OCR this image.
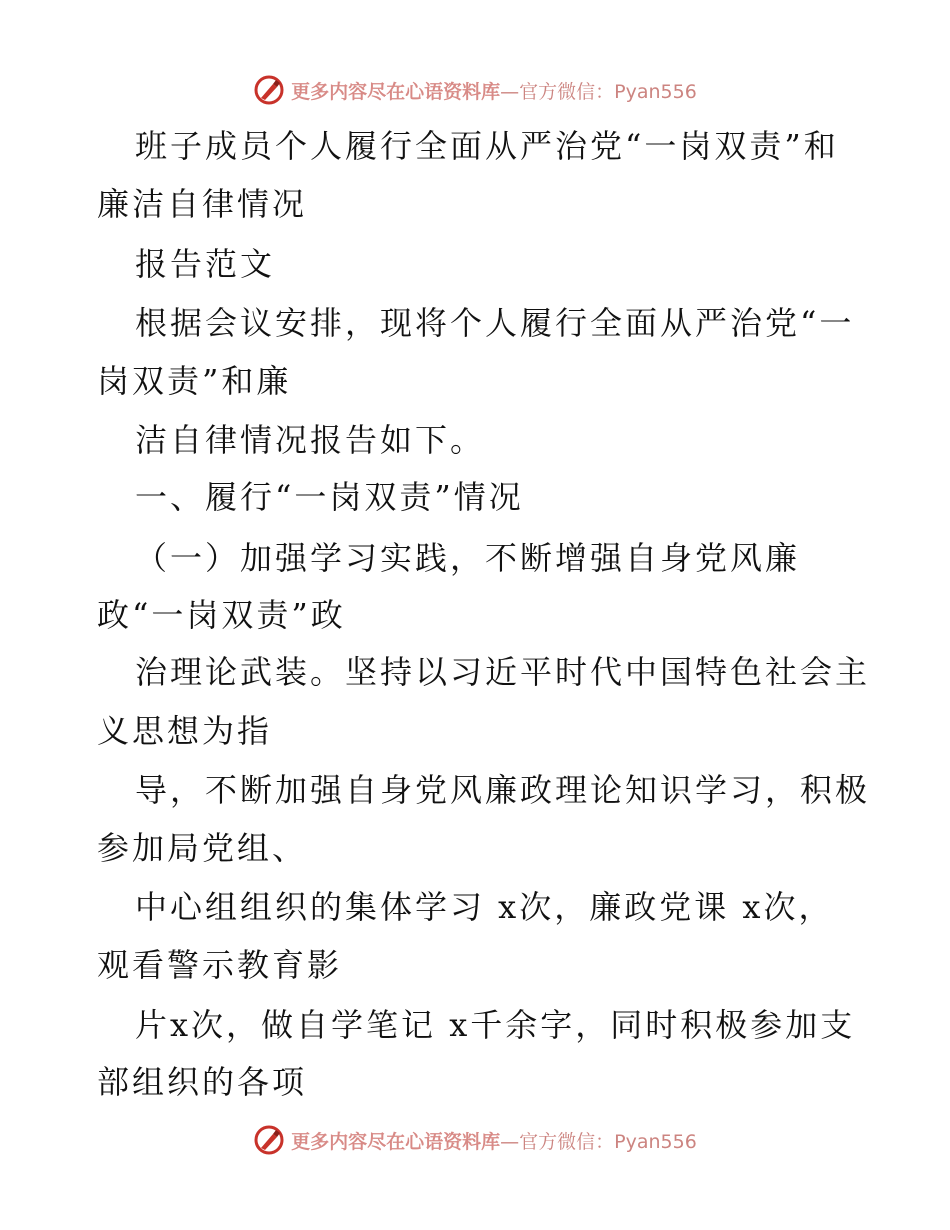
更多内容尽在心语资料库—官方微信：Pyan556
班子成员个人履行全面从严治党“一岗双责”和
廉洁自律情况
报告范文
根据会议安排，现将个人履行全面从严治党“一
岗双责”和廉
洁自律情况报告如下。
一、履行“一岗双责”情况
（一）加强学习实践，不断增强自身党风廉
政“一岗双责”政
治理论武装。坚持以习近平时代中国特色社会主
义思想为指
导，不断加强自身党风廉政理论知识学习，积极
参加局党组、
中心组组织的集体学习 x次，廉政党课 x次，
观看警示教育影
片x次，做自学笔记 x千余字，同时积极参加支
部组织的各项
更多内容尽在心语资料库—官方微信：Pyan556
